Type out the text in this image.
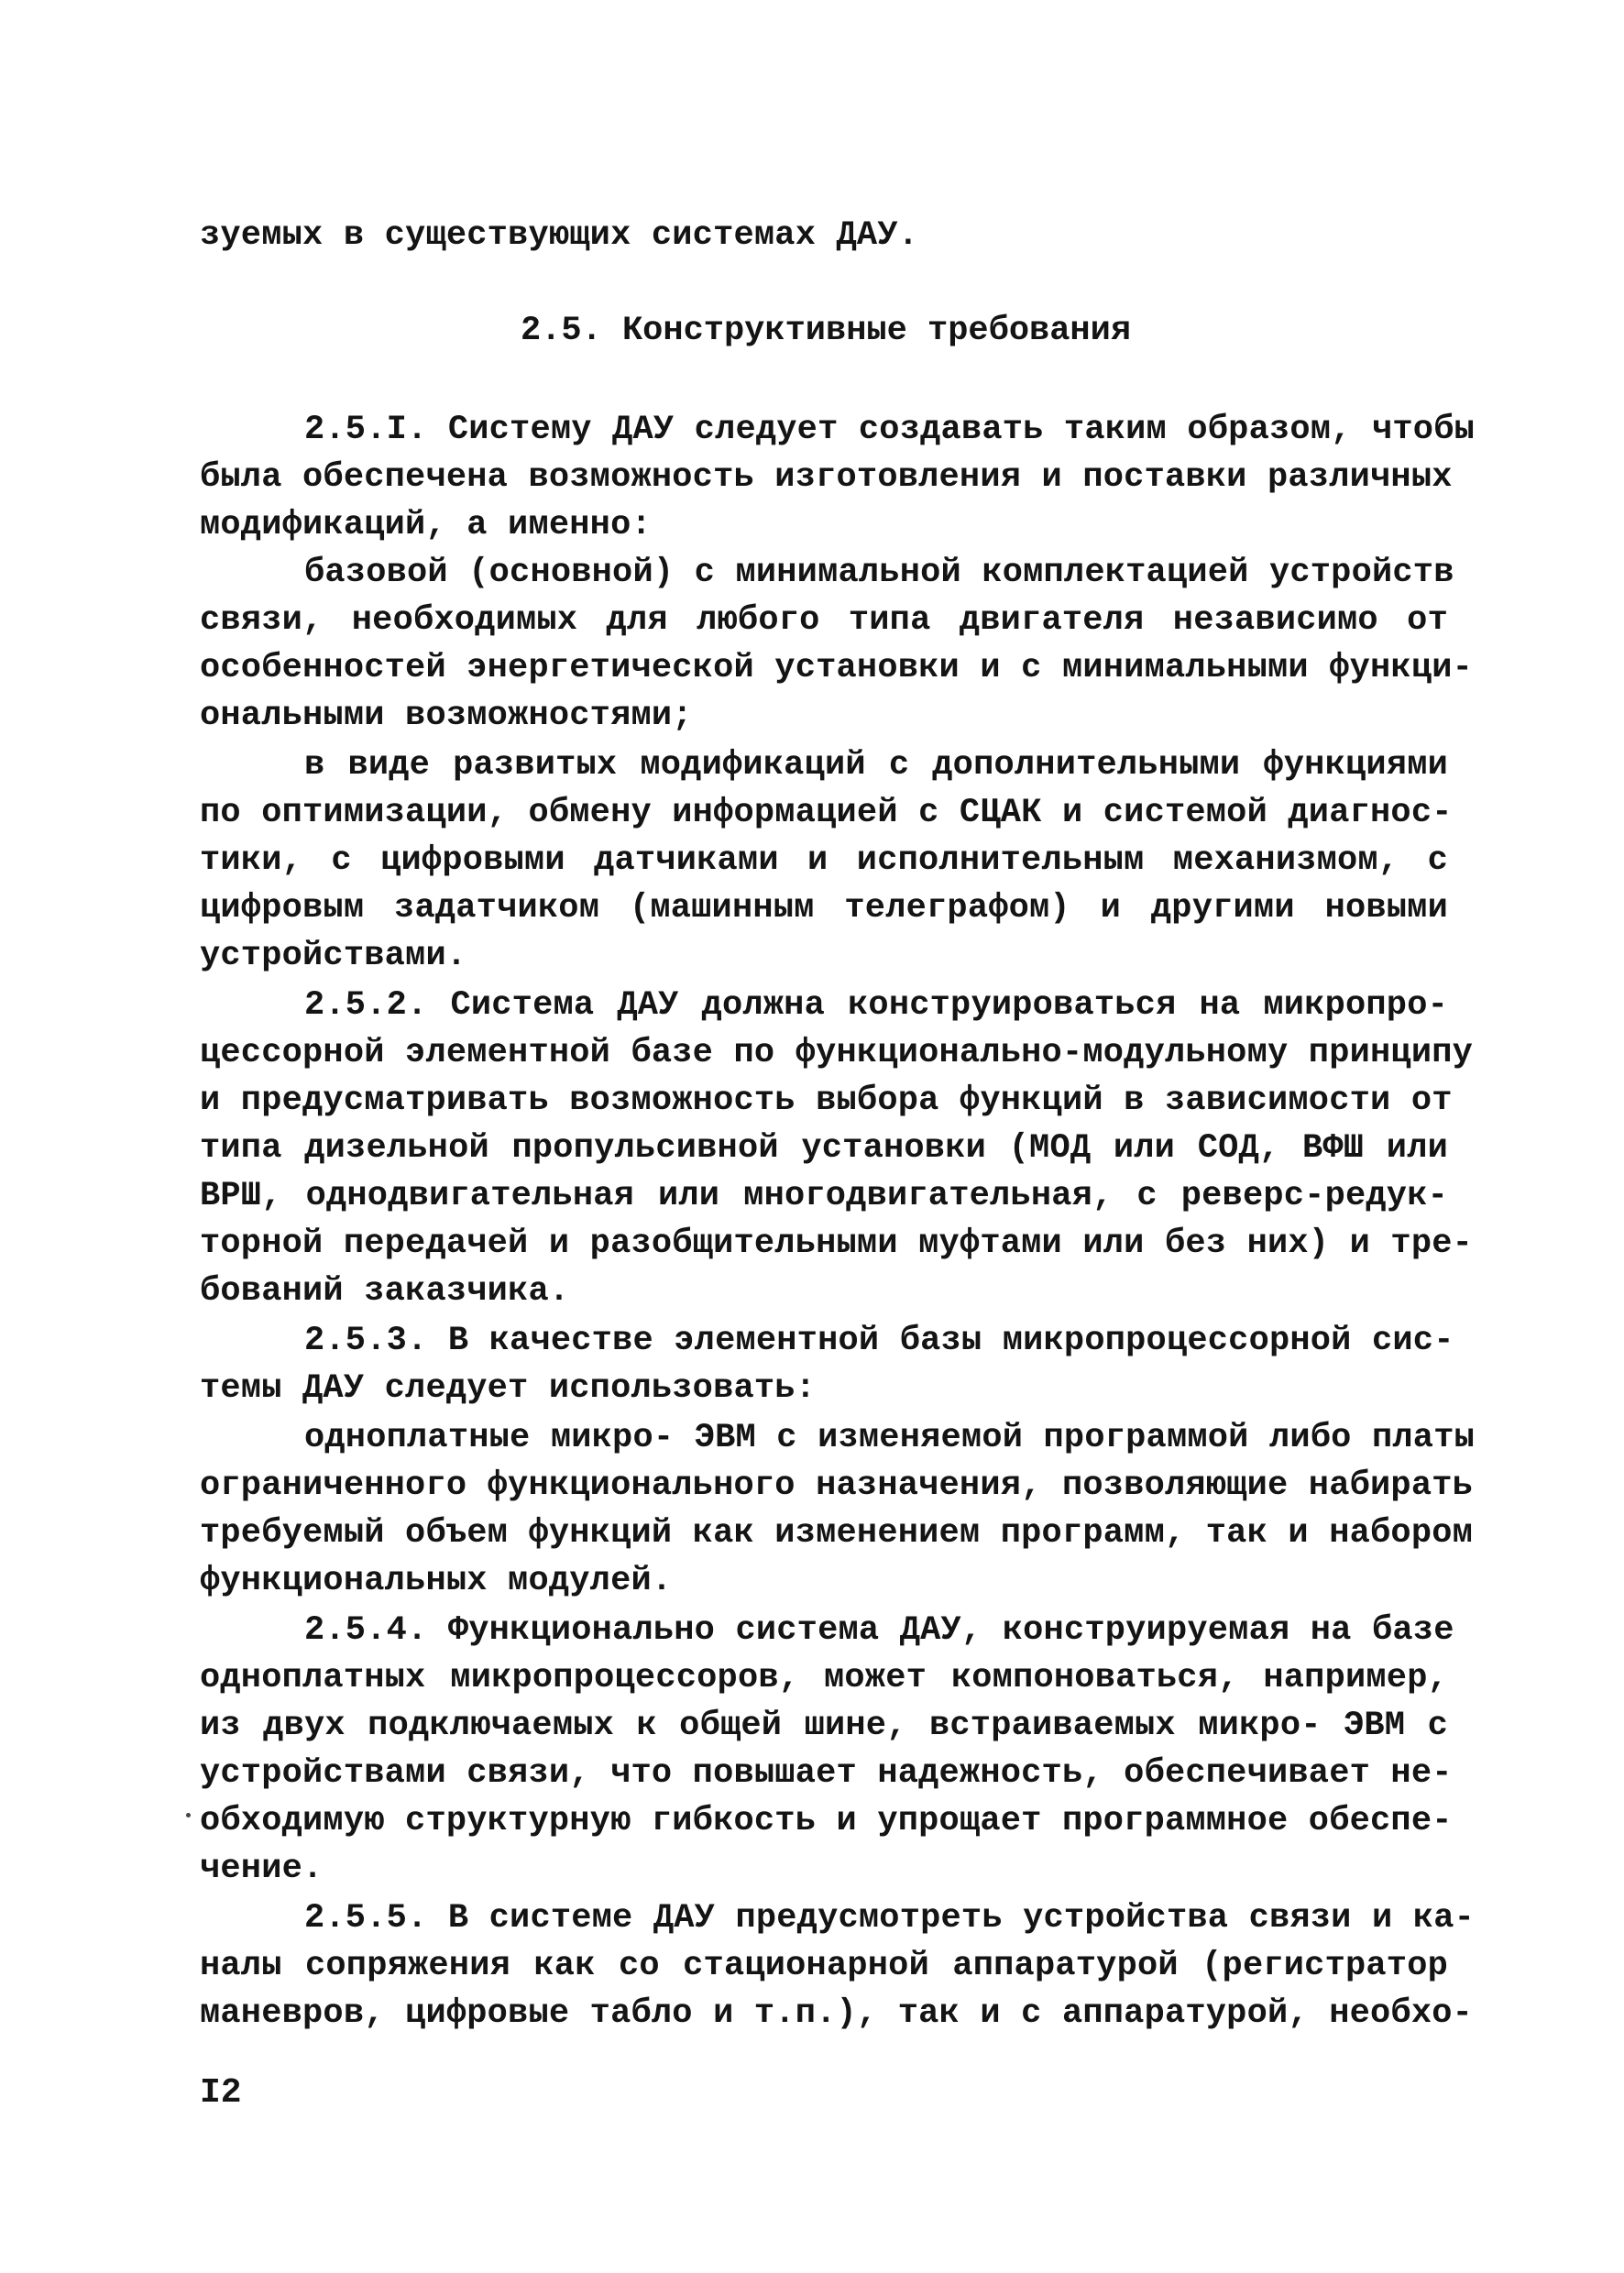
зуемых в существующих системах ДАУ.
2.5. Конструктивные требования
2.5.I. Систему ДАУ следует создавать таким образом, чтобы
была обеспечена возможность изготовления и поставки различных
модификаций, а именно:
базовой (основной) с минимальной комплектацией устройств
связи, необходимых для любого типа двигателя независимо от
особенностей энергетической установки и с минимальными функци-
ональными возможностями;
в виде развитых модификаций с дополнительными функциями
по оптимизации, обмену информацией с СЦАК и системой диагнос-
тики, с цифровыми датчиками и исполнительным механизмом, с
цифровым задатчиком (машинным телеграфом) и другими новыми
устройствами.
2.5.2. Система ДАУ должна конструироваться на микропро-
цессорной элементной базе по функционально-модульному принципу
и предусматривать возможность выбора функций в зависимости от
типа дизельной пропульсивной установки (МОД или СОД, ВФШ или
ВРШ, однодвигательная или многодвигательная, с реверс-редук-
торной передачей и разобщительными муфтами или без них) и тре-
бований заказчика.
2.5.3. В качестве элементной базы микропроцессорной сис-
темы ДАУ следует использовать:
одноплатные микро- ЭВМ с изменяемой программой либо платы
ограниченного функционального назначения, позволяющие набирать
требуемый объем функций как изменением программ, так и набором
функциональных модулей.
2.5.4. Функционально система ДАУ, конструируемая на базе
одноплатных микропроцессоров, может компоноваться, например,
из двух подключаемых к общей шине, встраиваемых микро- ЭВМ с
устройствами связи, что повышает надежность, обеспечивает не-
обходимую структурную гибкость и упрощает программное обеспе-
чение.
2.5.5. В системе ДАУ предусмотреть устройства связи и ка-
налы сопряжения как со стационарной аппаратурой (регистратор
маневров, цифровые табло и т.п.), так и с аппаратурой, необхо-
I2
